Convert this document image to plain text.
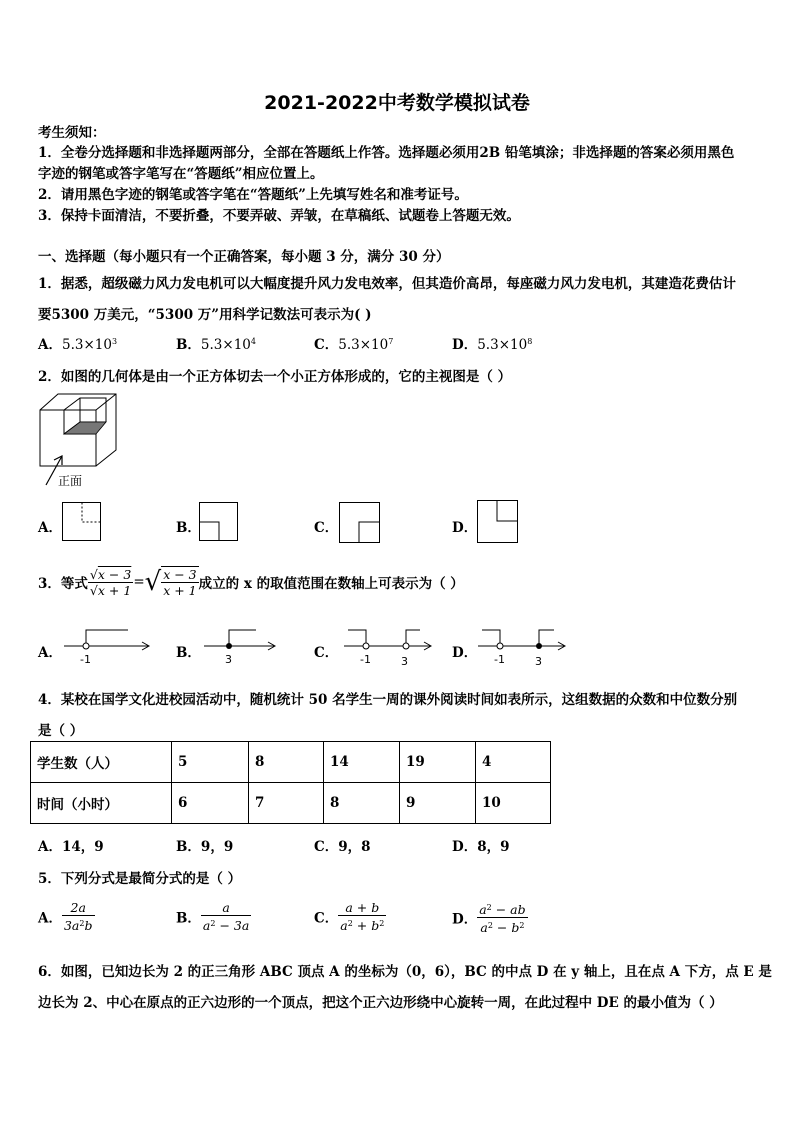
2021-2022中考数学模拟试卷
考生须知：
1．全卷分选择题和非选择题两部分，全部在答题纸上作答。选择题必须用2B 铅笔填涂；非选择题的答案必须用黑色
字迹的钢笔或答字笔写在“答题纸”相应位置上。
2．请用黑色字迹的钢笔或答字笔在“答题纸”上先填写姓名和准考证号。
3．保持卡面清洁，不要折叠，不要弄破、弄皱，在草稿纸、试题卷上答题无效。
一、选择题（每小题只有一个正确答案，每小题 3 分，满分 30 分）
1．据悉，超级磁力风力发电机可以大幅度提升风力发电效率，但其造价高昂，每座磁力风力发电机，其建造花费估计
要5300 万美元，“5300 万”用科学记数法可表示为( )
A．$5.3\times 10^3$	B．$5.3\times 10^4$	C．$5.3\times 10^7$	D．$5.3\times 10^8$
2．如图的几何体是由一个正方体切去一个小正方体形成的，它的主视图是（ ）
正面
A．	B．	C．	D．
3．等式 $\frac{√x - 3}{√x + 1}$ =√ $\frac{x - 3}{x + 1}$ 成立的 x 的取值范围在数轴上可表示为（ ）
A． -1	B． 3	C． -1	3
D． -1	3
4．某校在国学文化进校园活动中，随机统计 50 名学生一周的课外阅读时间如表所示，这组数据的众数和中位数分别
是（ ）
学生数（人）	5	8	14	19	4
时间（小时）	6	7	8	9	10
A．14，9	B．9，9	C．9，8	D．8，9
5．下列分式是最简分式的是（ ）
A． $\frac{2a}{3a^2b}$	B． $\frac{a}{a^2 - 3a}$	C． $\frac{a + b}{a^2 + b^2}$	D． $\frac{a^2 - ab}{a^2 - b^2}$
6．如图，已知边长为 2 的正三角形 ABC 顶点 A 的坐标为（0，6），BC 的中点 D 在 y 轴上，且在点 A 下方，点 E 是
边长为 2、中心在原点的正六边形的一个顶点，把这个正六边形绕中心旋转一周，在此过程中 DE 的最小值为（ ）
